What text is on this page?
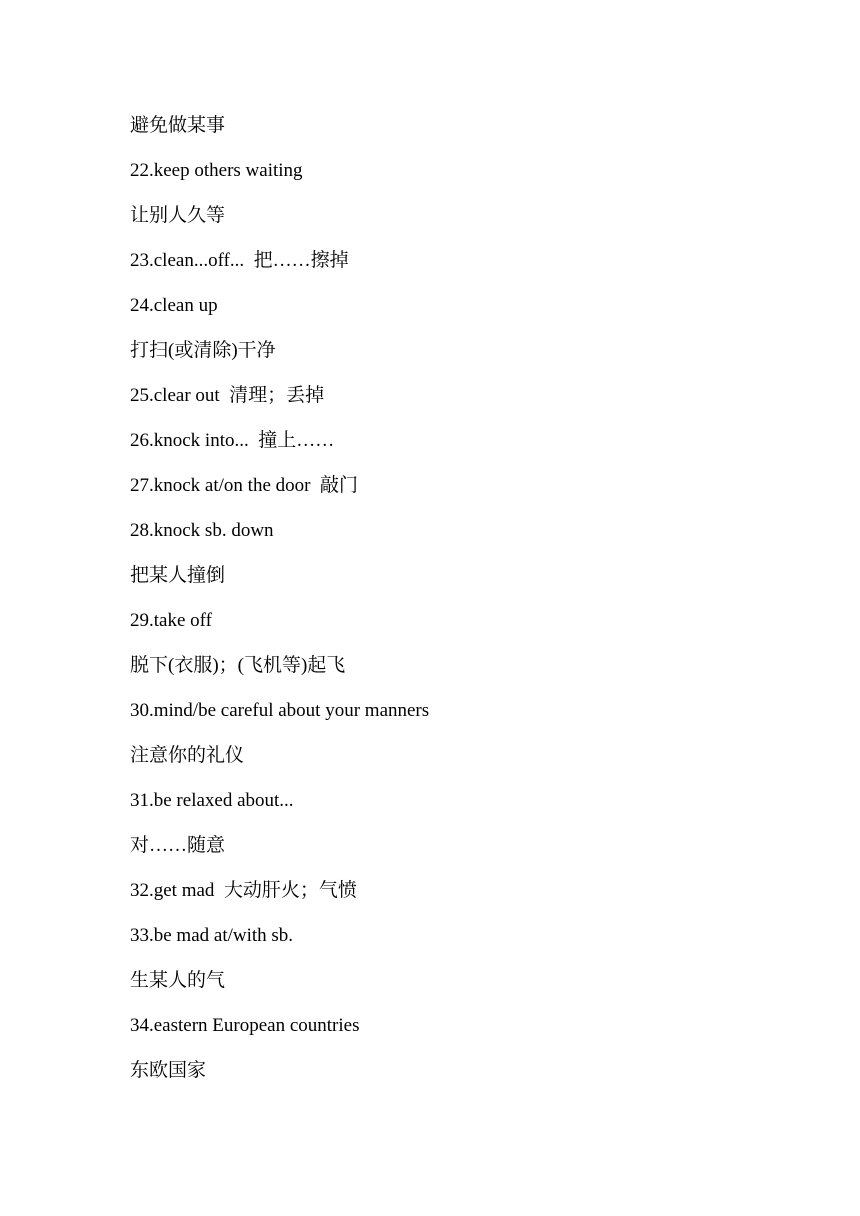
避免做某事
22.keep others waiting
让别人久等
23.clean...off...  把……擦掉
24.clean up
打扫(或清除)干净
25.clear out  清理；丢掉
26.knock into...  撞上……
27.knock at/on the door  敲门
28.knock sb. down
把某人撞倒
29.take off
脱下(衣服)；(飞机等)起飞
30.mind/be careful about your manners
注意你的礼仪
31.be relaxed about...
对……随意
32.get mad  大动肝火；气愤
33.be mad at/with sb.
生某人的气
34.eastern European countries
东欧国家
